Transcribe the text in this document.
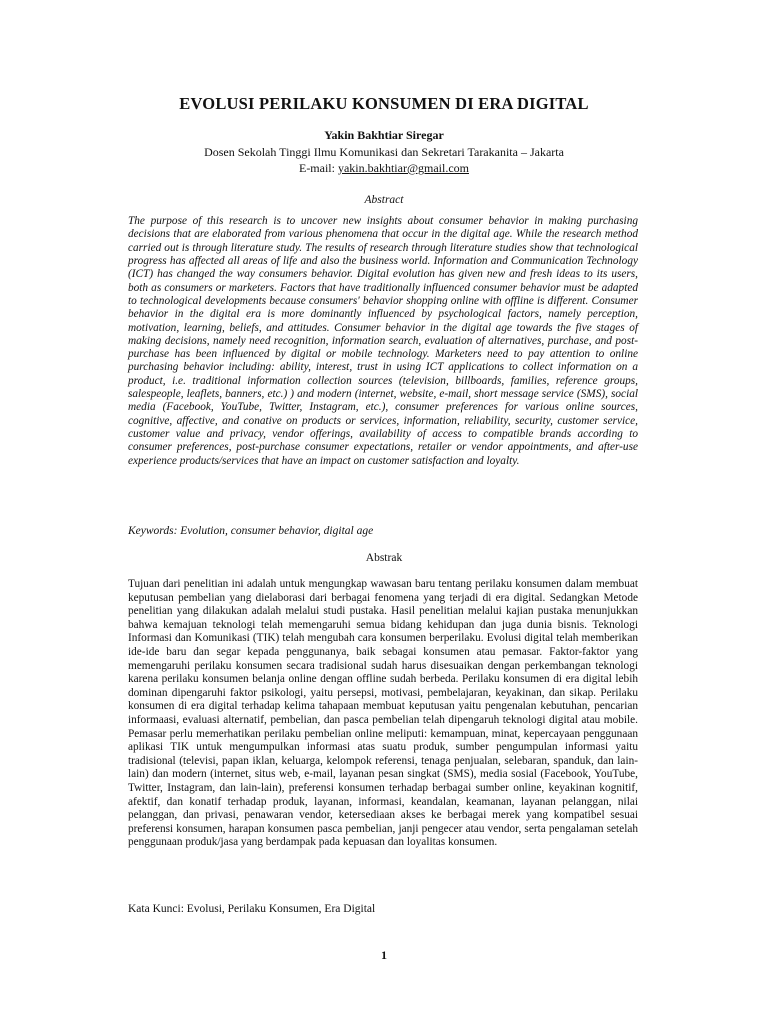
EVOLUSI PERILAKU KONSUMEN DI ERA DIGITAL
Yakin Bakhtiar Siregar
Dosen Sekolah Tinggi Ilmu Komunikasi dan Sekretari Tarakanita – Jakarta
E-mail: yakin.bakhtiar@gmail.com
Abstract

The purpose of this research is to uncover new insights about consumer behavior in making purchasing decisions that are elaborated from various phenomena that occur in the digital age. While the research method carried out is through literature study. The results of research through literature studies show that technological progress has affected all areas of life and also the business world. Information and Communication Technology (ICT) has changed the way consumers behavior. Digital evolution has given new and fresh ideas to its users, both as consumers or marketers. Factors that have traditionally influenced consumer behavior must be adapted to technological developments because consumers' behavior shopping online with offline is different. Consumer behavior in the digital era is more dominantly influenced by psychological factors, namely perception, motivation, learning, beliefs, and attitudes. Consumer behavior in the digital age towards the five stages of making decisions, namely need recognition, information search, evaluation of alternatives, purchase, and post-purchase has been influenced by digital or mobile technology. Marketers need to pay attention to online purchasing behavior including: ability, interest, trust in using ICT applications to collect information on a product, i.e. traditional information collection sources (television, billboards, families, reference groups, salespeople, leaflets, banners, etc.) ) and modern (internet, website, e-mail, short message service (SMS), social media (Facebook, YouTube, Twitter, Instagram, etc.), consumer preferences for various online sources, cognitive, affective, and conative on products or services, information, reliability, security, customer service, customer value and privacy, vendor offerings, availability of access to compatible brands according to consumer preferences, post-purchase consumer expectations, retailer or vendor appointments, and after-use experience products/services that have an impact on customer satisfaction and loyalty.

Keywords: Evolution, consumer behavior, digital age
Abstrak

Tujuan dari penelitian ini adalah untuk mengungkap wawasan baru tentang perilaku konsumen dalam membuat keputusan pembelian yang dielaborasi dari berbagai fenomena yang terjadi di era digital. Sedangkan Metode penelitian yang dilakukan adalah melalui studi pustaka. Hasil penelitian melalui kajian pustaka menunjukkan bahwa kemajuan teknologi telah memengaruhi semua bidang kehidupan dan juga dunia bisnis. Teknologi Informasi dan Komunikasi (TIK) telah mengubah cara konsumen berperilaku. Evolusi digital telah memberikan ide-ide baru dan segar kepada penggunanya, baik sebagai konsumen atau pemasar. Faktor-faktor yang memengaruhi perilaku konsumen secara tradisional sudah harus disesuaikan dengan perkembangan teknologi karena perilaku konsumen belanja online dengan offline sudah berbeda. Perilaku konsumen di era digital lebih dominan dipengaruhi faktor psikologi, yaitu persepsi, motivasi, pembelajaran, keyakinan, dan sikap. Perilaku konsumen di era digital terhadap kelima tahapaan membuat keputusan yaitu pengenalan kebutuhan, pencarian informaasi, evaluasi alternatif, pembelian, dan pasca pembelian telah dipengaruh teknologi digital atau mobile. Pemasar perlu memerhatikan perilaku pembelian online meliputi: kemampuan, minat, kepercayaan penggunaan aplikasi TIK untuk mengumpulkan informasi atas suatu produk, sumber pengumpulan informasi yaitu tradisional (televisi, papan iklan, keluarga, kelompok referensi, tenaga penjualan, selebaran, spanduk, dan lain-lain) dan modern (internet, situs web, e-mail, layanan pesan singkat (SMS), media sosial (Facebook, YouTube, Twitter, Instagram, dan lain-lain), preferensi konsumen terhadap berbagai sumber online, keyakinan kognitif, afektif, dan konatif terhadap produk, layanan, informasi, keandalan, keamanan, layanan pelanggan, nilai pelanggan, dan privasi, penawaran vendor, ketersediaan akses ke berbagai merek yang kompatibel sesuai preferensi konsumen, harapan konsumen pasca pembelian, janji pengecer atau vendor, serta pengalaman setelah penggunaan produk/jasa yang berdampak pada kepuasan dan loyalitas konsumen.

Kata Kunci: Evolusi, Perilaku Konsumen, Era Digital
1
